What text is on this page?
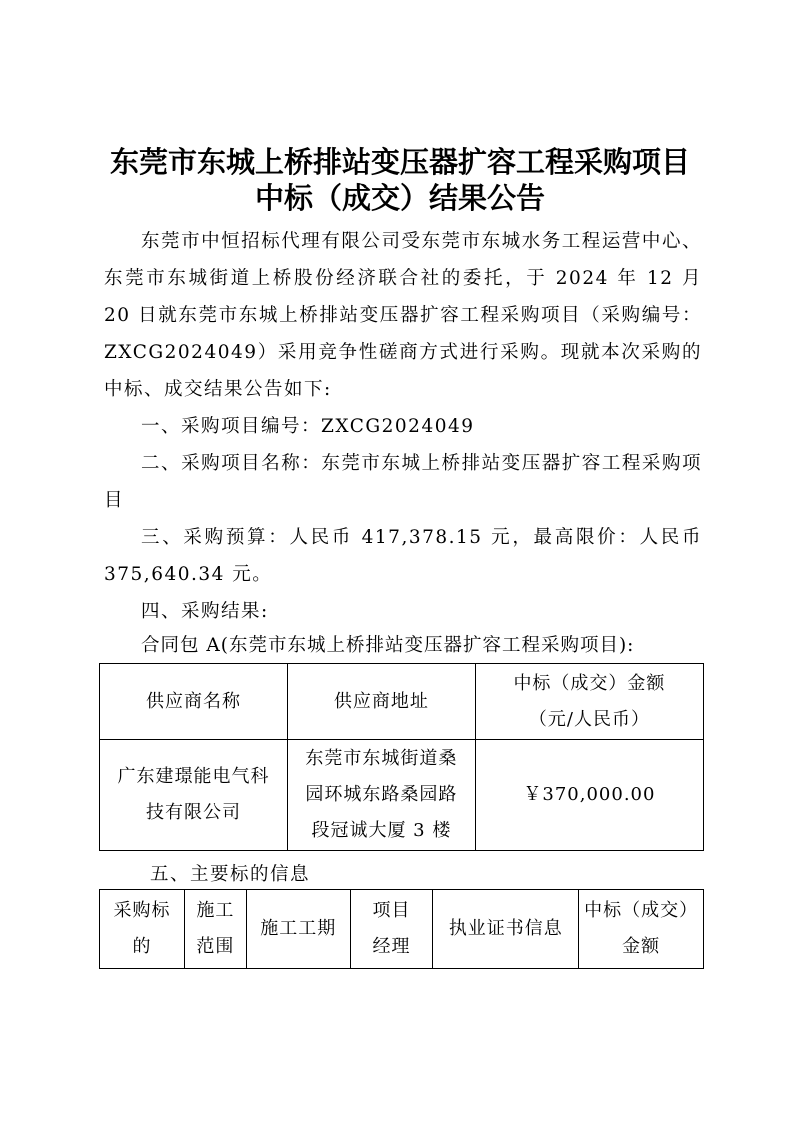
东莞市东城上桥排站变压器扩容工程采购项目
中标（成交）结果公告
东莞市中恒招标代理有限公司受东莞市东城水务工程运营中心、东莞市东城街道上桥股份经济联合社的委托，于 2024 年 12 月 20 日就东莞市东城上桥排站变压器扩容工程采购项目（采购编号：ZXCG2024049）采用竞争性磋商方式进行采购。现就本次采购的中标、成交结果公告如下:
一、采购项目编号：ZXCG2024049
二、采购项目名称：东莞市东城上桥排站变压器扩容工程采购项目
三、采购预算：人民币 417,378.15 元，最高限价：人民币 375,640.34 元。
四、采购结果:
合同包 A(东莞市东城上桥排站变压器扩容工程采购项目):
供应商名称	供应商地址	中标（成交）金额（元/人民币）
广东建璟能电气科技有限公司	东莞市东城街道桑园环城东路桑园路段冠诚大厦 3 楼	￥370,000.00
五、主要标的信息
采购标的	施工范围	施工工期	项目经理	执业证书信息	中标（成交）金额
